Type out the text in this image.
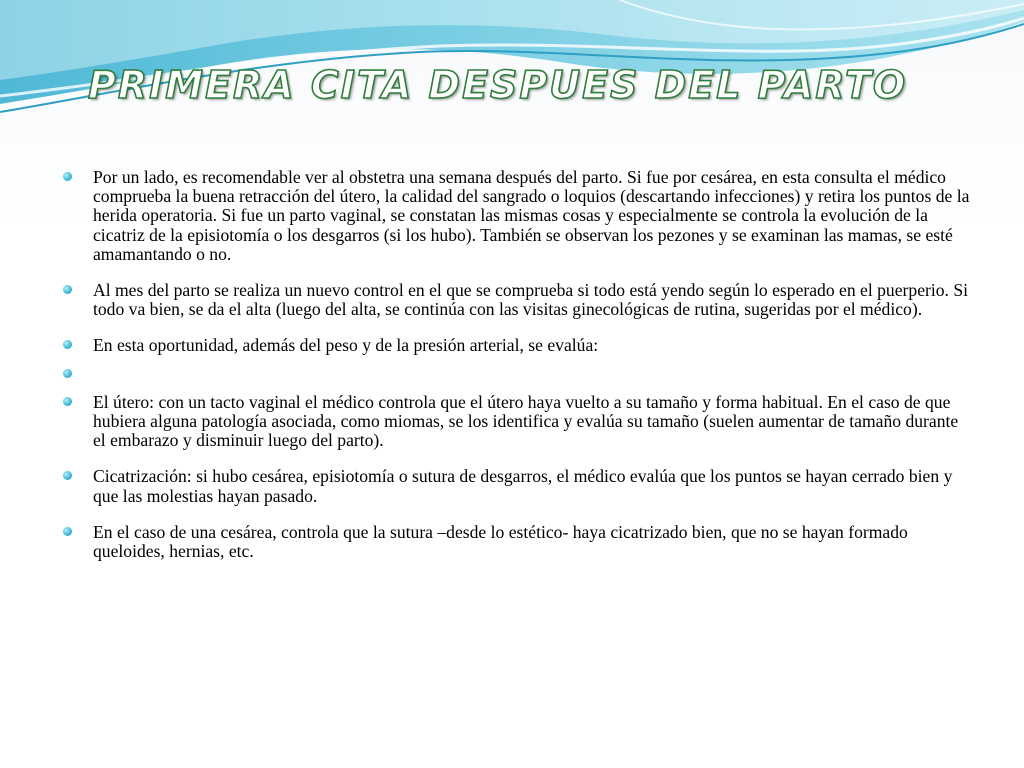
PRIMERA CITA DESPUES DEL PARTO
Por un lado, es recomendable ver al obstetra una semana después del parto. Si fue por cesárea, en esta consulta el médico comprueba la buena retracción del útero, la calidad del sangrado o loquios (descartando infecciones) y retira los puntos de la herida operatoria. Si fue un parto vaginal, se constatan las mismas cosas y especialmente se controla la evolución de la cicatriz de la episiotomía o los desgarros (si los hubo). También se observan los pezones y se examinan las mamas, se esté amamantando o no.
Al mes del parto se realiza un nuevo control en el que se comprueba si todo está yendo según lo esperado en el puerperio. Si todo va bien, se da el alta (luego del alta, se continúa con las visitas ginecológicas de rutina, sugeridas por el médico).
En esta oportunidad, además del peso y de la presión arterial, se evalúa:
El útero: con un tacto vaginal el médico controla que el útero haya vuelto a su tamaño y forma habitual. En el caso de que hubiera alguna patología asociada, como miomas, se los identifica y evalúa su tamaño (suelen aumentar de tamaño durante el embarazo y disminuir luego del parto).
Cicatrización: si hubo cesárea, episiotomía o sutura de desgarros, el médico evalúa que los puntos se hayan cerrado bien y que las molestias hayan pasado.
En el caso de una cesárea, controla que la sutura –desde lo estético- haya cicatrizado bien, que no se hayan formado queloides, hernias, etc.
